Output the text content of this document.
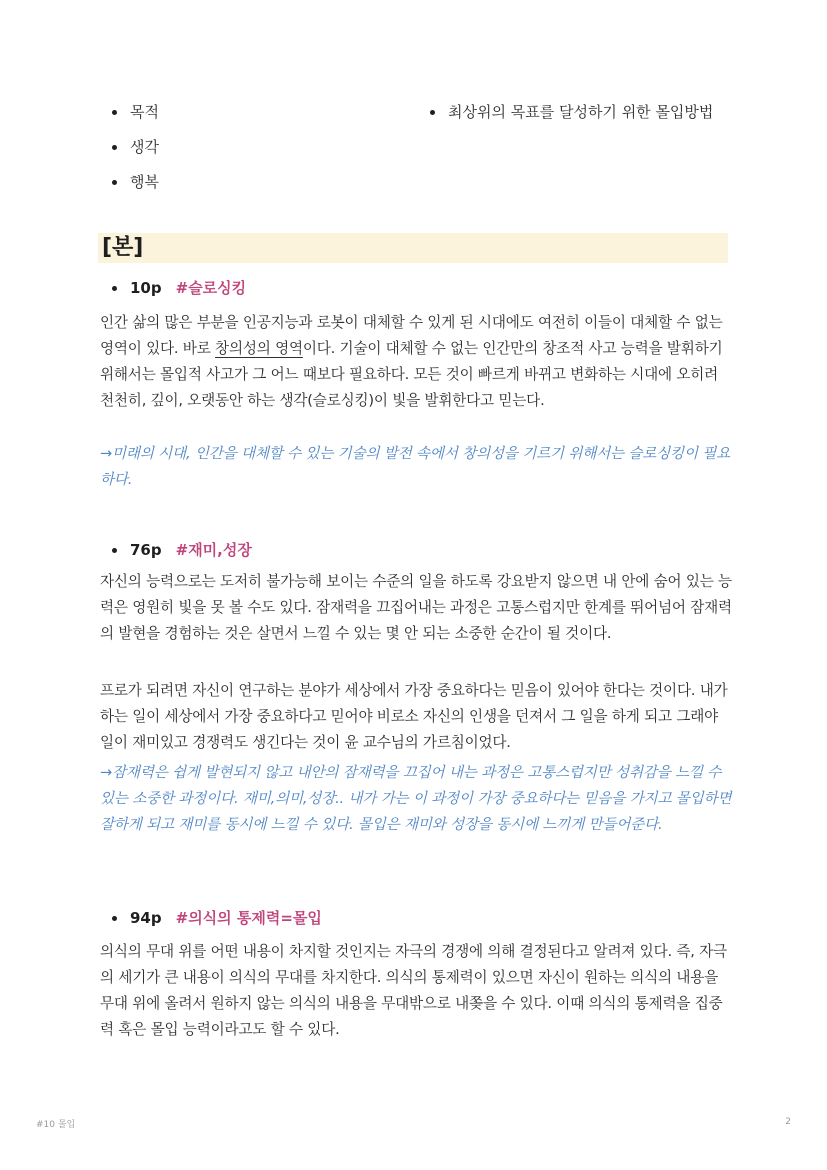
목적
생각
행복
최상위의 목표를 달성하기 위한 몰입방법
[본]
10p #슬로싱킹

인간 삶의 많은 부분을 인공지능과 로봇이 대체할 수 있게 된 시대에도 여전히 이들이 대체할 수 없는 영역이 있다. 바로 창의성의 영역이다. 기술이 대체할 수 없는 인간만의 창조적 사고 능력을 발휘하기 위해서는 몰입적 사고가 그 어느 때보다 필요하다. 모든 것이 빠르게 바뀌고 변화하는 시대에 오히려 천천히, 깊이, 오랫동안 하는 생각(슬로싱킹)이 빛을 발휘한다고 믿는다.

→미래의 시대, 인간을 대체할 수 있는 기술의 발전 속에서 창의성을 기르기 위해서는 슬로싱킹이 필요하다.

76p #재미,성장

자신의 능력으로는 도저히 불가능해 보이는 수준의 일을 하도록 강요받지 않으면 내 안에 숨어 있는 능력은 영원히 빛을 못 볼 수도 있다. 잠재력을 끄집어내는 과정은 고통스럽지만 한계를 뛰어넘어 잠재력의 발현을 경험하는 것은 살면서 느낄 수 있는 몇 안 되는 소중한 순간이 될 것이다.

프로가 되려면 자신이 연구하는 분야가 세상에서 가장 중요하다는 믿음이 있어야 한다는 것이다. 내가 하는 일이 세상에서 가장 중요하다고 믿어야 비로소 자신의 인생을 던져서 그 일을 하게 되고 그래야 일이 재미있고 경쟁력도 생긴다는 것이 윤 교수님의 가르침이었다.

→잠재력은 쉽게 발현되지 않고 내안의 잠재력을 끄집어 내는 과정은 고통스럽지만 성취감을 느낄 수 있는 소중한 과정이다. 재미,의미,성장.. 내가 가는 이 과정이 가장 중요하다는 믿음을 가지고 몰입하면 잘하게 되고 재미를 동시에 느낄 수 있다. 몰입은 재미와 성장을 동시에 느끼게 만들어준다.

94p #의식의 통제력=몰입

의식의 무대 위를 어떤 내용이 차지할 것인지는 자극의 경쟁에 의해 결정된다고 알려져 있다. 즉, 자극의 세기가 큰 내용이 의식의 무대를 차지한다. 의식의 통제력이 있으면 자신이 원하는 의식의 내용을 무대 위에 올려서 원하지 않는 의식의 내용을 무대밖으로 내쫒을 수 있다. 이때 의식의 통제력을 집중력 혹은 몰입 능력이라고도 할 수 있다.

#10 몰입	2
